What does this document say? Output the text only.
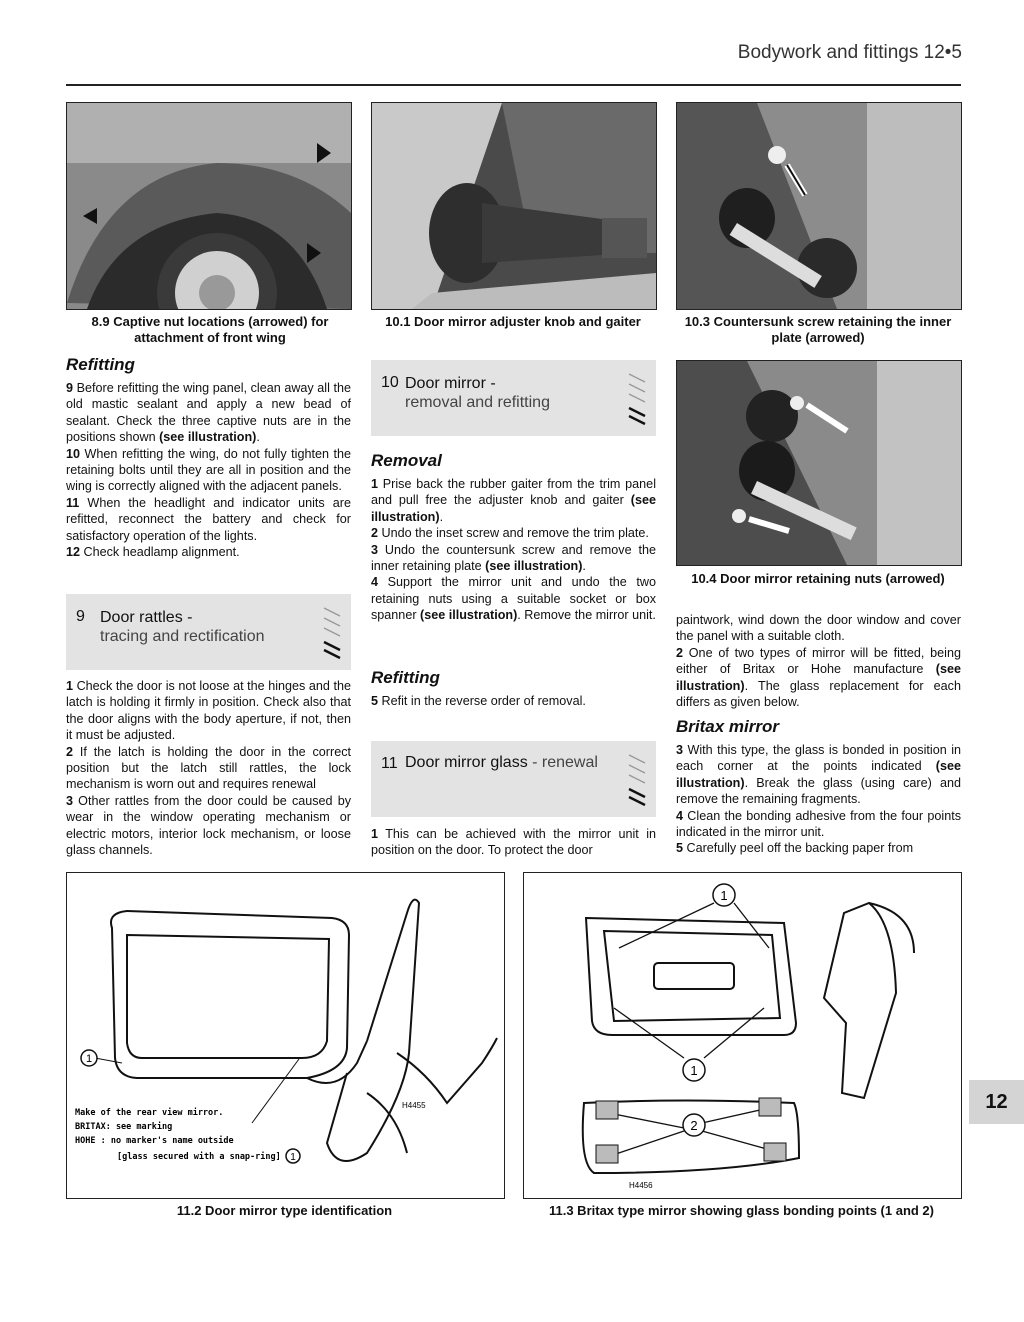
Bodywork and fittings 12•5
8.9 Captive nut locations (arrowed) for attachment of front wing
10.1 Door mirror adjuster knob and gaiter	10.3 Countersunk screw retaining the inner plate (arrowed)
10.4 Door mirror retaining nuts (arrowed)
Refitting

9 Before refitting the wing panel, clean away all the old mastic sealant and apply a new bead of sealant. Check the three captive nuts are in the positions shown (see illustration).

10 When refitting the wing, do not fully tighten the retaining bolts until they are all in position and the wing is correctly aligned with the adjacent panels.

11 When the headlight and indicator units are refitted, reconnect the battery and check for satisfactory operation of the lights.

12 Check headlamp alignment.

9 Door rattles -
tracing and rectification

1 Check the door is not loose at the hinges and the latch is holding it firmly in position. Check also that the door aligns with the body aperture, if not, then it must be adjusted.

2 If the latch is holding the door in the correct position but the latch still rattles, the lock mechanism is worn out and requires renewal

3 Other rattles from the door could be caused by wear in the window operating mechanism or electric motors, interior lock mechanism, or loose glass channels.

10 Door mirror -
removal and refitting
Removal

1 Prise back the rubber gaiter from the trim panel and pull free the adjuster knob and gaiter (see illustration).

2 Undo the inset screw and remove the trim plate.

3 Undo the countersunk screw and remove the inner retaining plate (see illustration).

4 Support the mirror unit and undo the two retaining nuts using a suitable socket or box spanner (see illustration). Remove the mirror unit.

Refitting

5 Refit in the reverse order of removal.

11 Door mirror glass - renewal

1 This can be achieved with the mirror unit in position on the door. To protect the door

paintwork, wind down the door window and cover the panel with a suitable cloth.

2 One of two types of mirror will be fitted, being either of Britax or Hohe manufacture (see illustration). The glass replacement for each differs as given below.

Britax mirror

3 With this type, the glass is bonded in position in each corner at the points indicated (see illustration). Break the glass (using care) and remove the remaining fragments.

4 Clean the bonding adhesive from the four points indicated in the mirror unit.

5 Carefully peel off the backing paper from

1
H4455
Make of the rear view mirror.
BRITAX: see marking
HOHE : no marker's name outside
[glass secured with a snap-ring] 1
11.2 Door mirror type identification
1
1
2
H4456
11.3 Britax type mirror showing glass bonding points (1 and 2)
12
